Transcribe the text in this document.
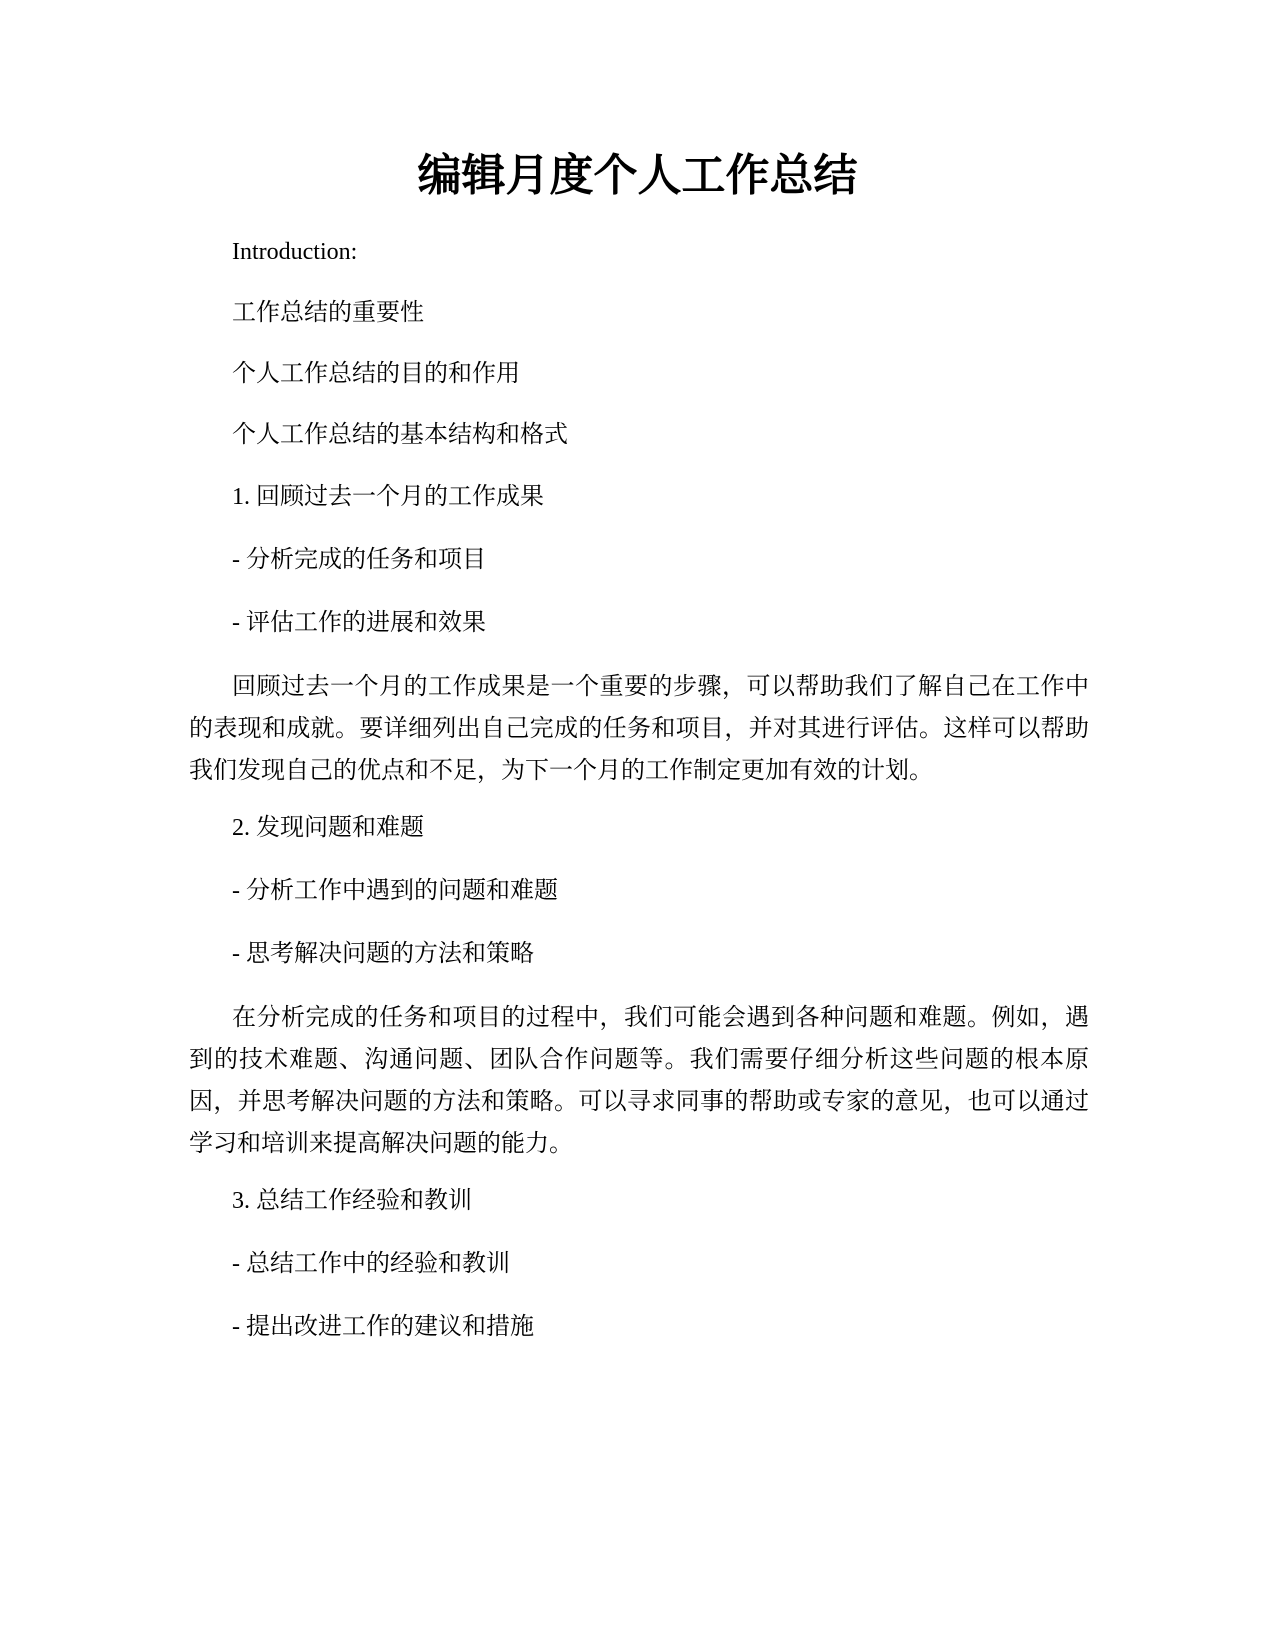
编辑月度个人工作总结

Introduction:

工作总结的重要性

个人工作总结的目的和作用

个人工作总结的基本结构和格式

1. 回顾过去一个月的工作成果

- 分析完成的任务和项目

- 评估工作的进展和效果

回顾过去一个月的工作成果是一个重要的步骤，可以帮助我们了解自己在工作中的表现和成就。要详细列出自己完成的任务和项目，并对其进行评估。这样可以帮助我们发现自己的优点和不足，为下一个月的工作制定更加有效的计划。

2. 发现问题和难题

- 分析工作中遇到的问题和难题

- 思考解决问题的方法和策略

在分析完成的任务和项目的过程中，我们可能会遇到各种问题和难题。例如，遇到的技术难题、沟通问题、团队合作问题等。我们需要仔细分析这些问题的根本原因，并思考解决问题的方法和策略。可以寻求同事的帮助或专家的意见，也可以通过学习和培训来提高解决问题的能力。

3. 总结工作经验和教训

- 总结工作中的经验和教训

- 提出改进工作的建议和措施
